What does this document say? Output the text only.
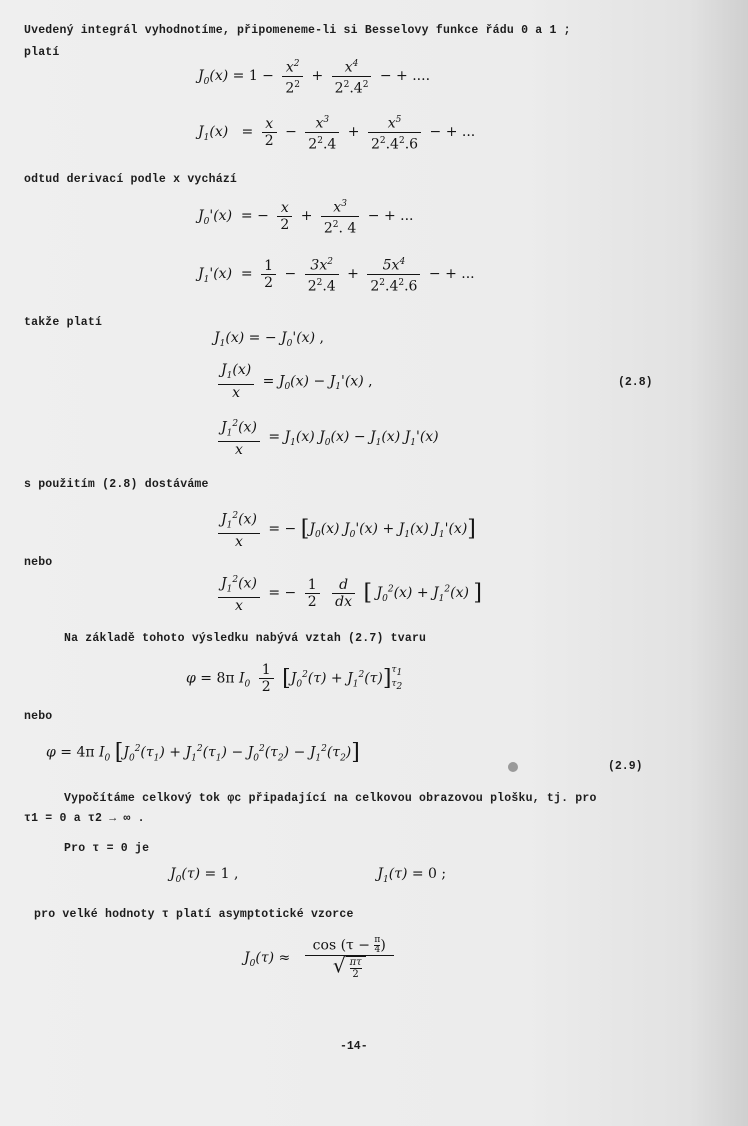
Uvedený integrál vyhodnotíme, připomeneme-li si Besselovy funkce řádu 0 a 1 ;
platí
$J_0(x) = 1 - \frac{x^2}{2^2} + \frac{x^4}{2^2.4^2}$ − + ....
$J_1(x) = \frac{x}{2} - \frac{x^3}{2^2.4} + \frac{x^5}{2^2.4^2.6}$ − + ...
odtud derivací podle x vychází
$J_0'(x)$  = − $\frac{x}{2} + \frac{x^3}{2^2. 4}$ − + ...
$J_1'(x) = \frac{1}{2} - \frac{3x^2}{2^2.4} + \frac{5x^4}{2^2.4^2.6}$ − + ...
takže platí
$J_1(x)$ = − $J_0'(x)$ ,
$\frac{J_1(x)}{x} = J_0(x) - J_1'(x)$ ,	(2.8)
$\frac{J_1^2(x)}{x} = J_1(x) J_0(x) - J_1(x)$ $J_1'(x)$
s použitím (2.8) dostáváme
$\frac{J_1^2(x)}{x}$ = − [$J_0(x) J_0'(x) + J_1(x)$ $J_1'(x)$]
nebo
$\frac{J_1^2(x)}{x}$ = − $\frac{1}{2}$
$\frac{d}{dx}$ [ $J_0^2(x) + J_1^2(x)$ ]
Na základě tohoto výsledku nabývá vztah (2.7) tvaru
φ = 8π $I_0 \frac{1}{2} [J_0^2(\tau) + J_1^2(\tau)]$ $\tau_1$
$\tau_2$
nebo
φ = 4π $I_0$ $[J_0^2(\tau_1) + J_1^2(\tau_1) - J_0^2(\tau_2) - J_1^2(\tau_2)]$
(2.9)
Vypočítáme celkový tok φc připadající na celkovou obrazovou plošku, tj. pro
τ1 = 0 a τ2 → ∞ .
Pro τ = 0 je
$J_0(\tau) = 1$ ,	$J_1(\tau) = 0$ ;
pro velké hodnoty τ platí asymptotické vzorce
$J_0(\tau) \approx \frac{\cos (\tau - \frac{\pi}{4} )}{√ \frac{\pi\tau}{2}}$
-14-
